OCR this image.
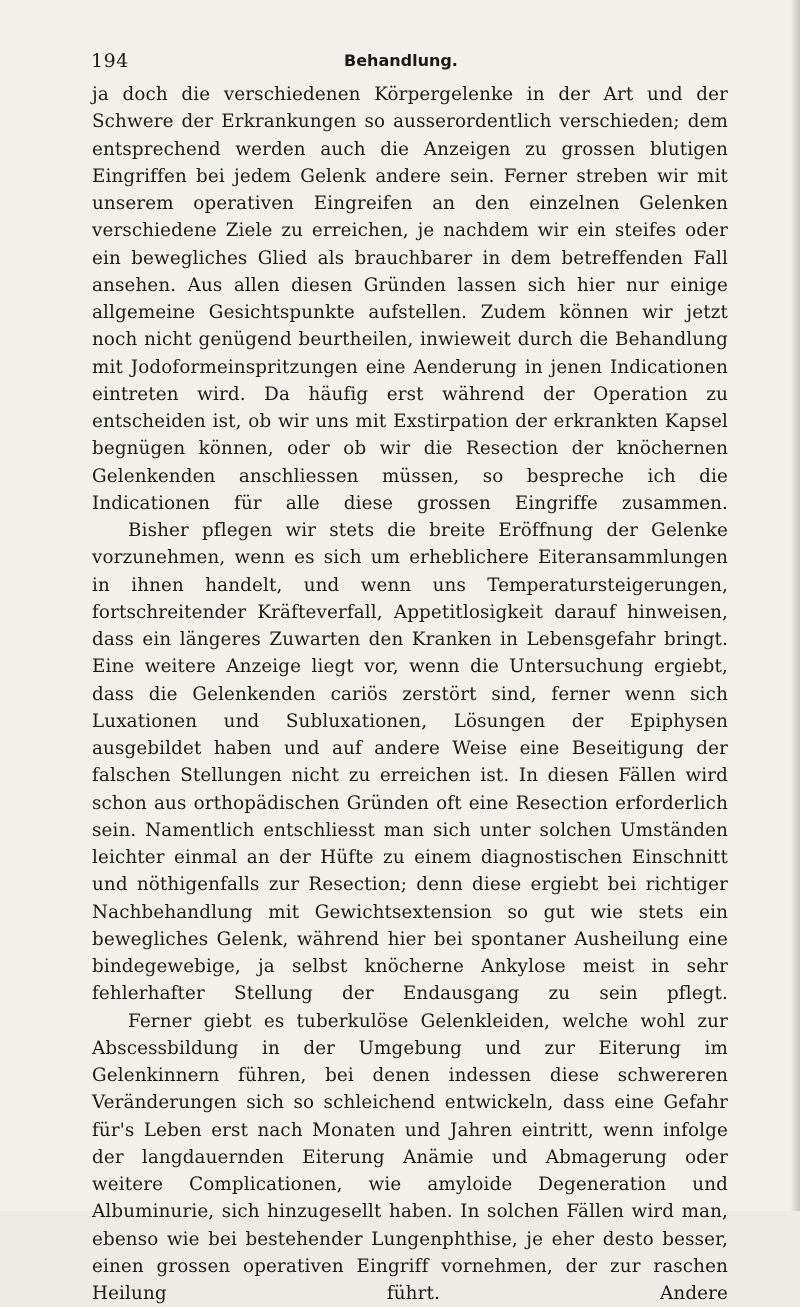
194	Behandlung.

ja doch die verschiedenen Körpergelenke in der Art und der Schwere der Erkrankungen so ausserordentlich verschieden; dem entsprechend werden auch die Anzeigen zu grossen blutigen Eingriffen bei jedem Gelenk andere sein. Ferner streben wir mit unserem operativen Eingreifen an den einzelnen Gelenken verschiedene Ziele zu erreichen, je nachdem wir ein steifes oder ein bewegliches Glied als brauchbarer in dem betreffenden Fall ansehen. Aus allen diesen Gründen lassen sich hier nur einige allgemeine Gesichtspunkte aufstellen. Zudem können wir jetzt noch nicht genügend beurtheilen, inwieweit durch die Behandlung mit Jodoformeinspritzungen eine Aenderung in jenen Indicationen eintreten wird. Da häufig erst während der Operation zu entscheiden ist, ob wir uns mit Exstirpation der erkrankten Kapsel begnügen können, oder ob wir die Resection der knöchernen Gelenkenden anschliessen müssen, so bespreche ich die Indicationen für alle diese grossen Eingriffe zusammen.

Bisher pflegen wir stets die breite Eröffnung der Gelenke vorzunehmen, wenn es sich um erheblichere Eiteransammlungen in ihnen handelt, und wenn uns Temperatursteigerungen, fortschreitender Kräfteverfall, Appetitlosigkeit darauf hinweisen, dass ein längeres Zuwarten den Kranken in Lebensgefahr bringt. Eine weitere Anzeige liegt vor, wenn die Untersuchung ergiebt, dass die Gelenkenden cariös zerstört sind, ferner wenn sich Luxationen und Subluxationen, Lösungen der Epiphysen ausgebildet haben und auf andere Weise eine Beseitigung der falschen Stellungen nicht zu erreichen ist. In diesen Fällen wird schon aus orthopädischen Gründen oft eine Resection erforderlich sein. Namentlich entschliesst man sich unter solchen Umständen leichter einmal an der Hüfte zu einem diagnostischen Einschnitt und nöthigenfalls zur Resection; denn diese ergiebt bei richtiger Nachbehandlung mit Gewichtsextension so gut wie stets ein bewegliches Gelenk, während hier bei spontaner Ausheilung eine bindegewebige, ja selbst knöcherne Ankylose meist in sehr fehlerhafter Stellung der Endausgang zu sein pflegt.

Ferner giebt es tuberkulöse Gelenkleiden, welche wohl zur Abscessbildung in der Umgebung und zur Eiterung im Gelenkinnern führen, bei denen indessen diese schwereren Veränderungen sich so schleichend entwickeln, dass eine Gefahr für's Leben erst nach Monaten und Jahren eintritt, wenn infolge der langdauernden Eiterung Anämie und Abmagerung oder weitere Complicationen, wie amyloide Degeneration und Albuminurie, sich hinzugesellt haben. In solchen Fällen wird man, ebenso wie bei bestehender Lungenphthise, je eher desto besser, einen grossen operativen Eingriff vornehmen, der zur raschen Heilung führt. Andere
